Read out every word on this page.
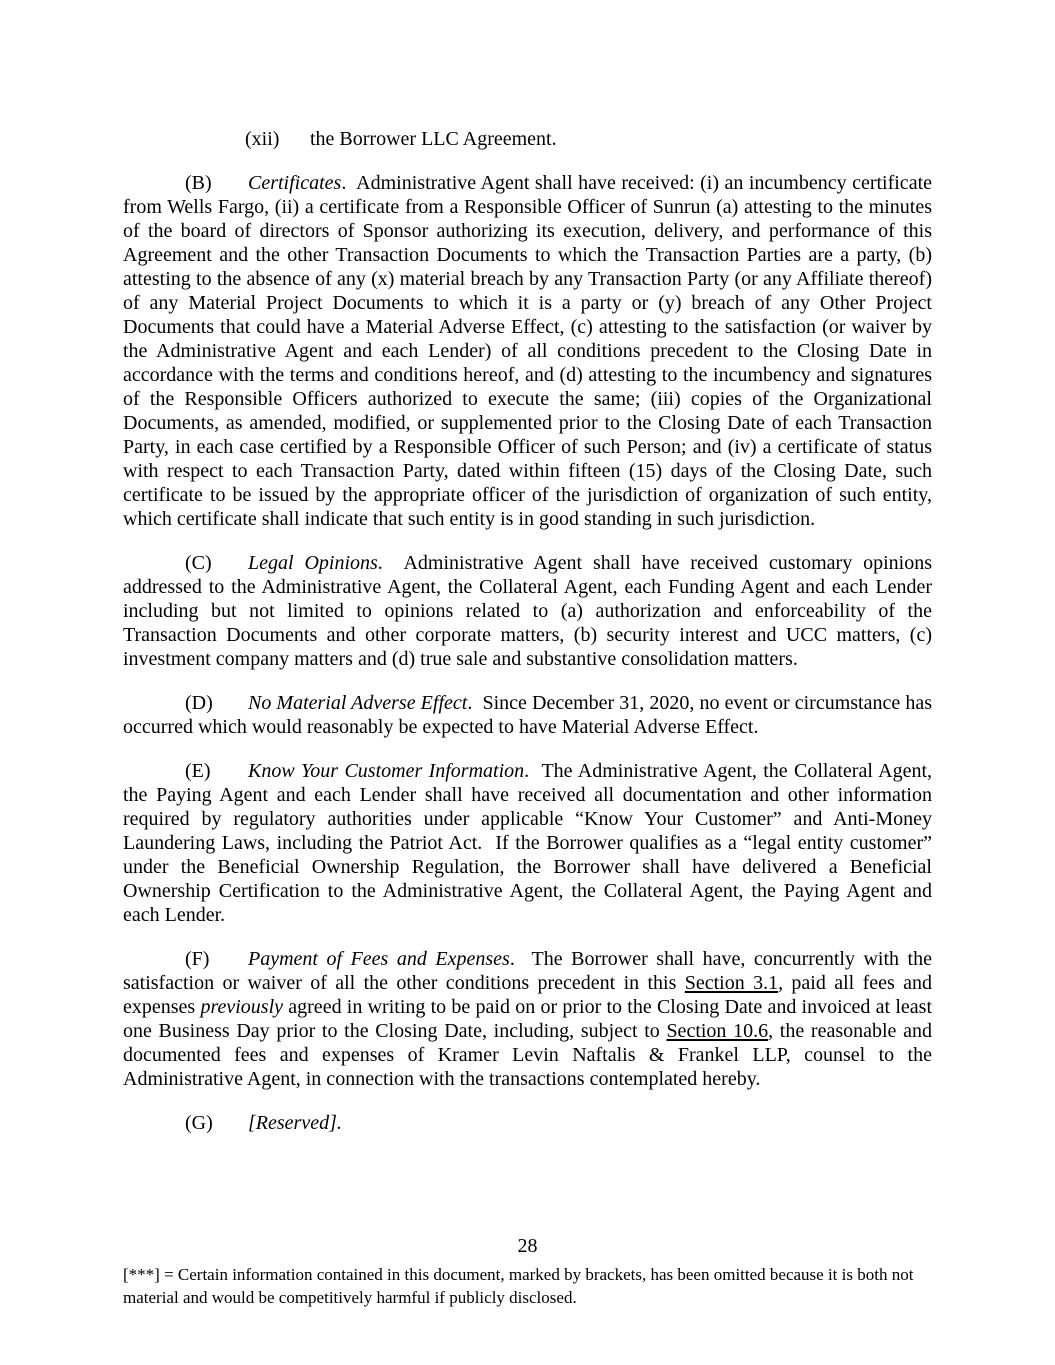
(xii) the Borrower LLC Agreement.

(B) Certificates.  Administrative Agent shall have received: (i) an incumbency certificate from Wells Fargo, (ii) a certificate from a Responsible Officer of Sunrun (a) attesting to the minutes of the board of directors of Sponsor authorizing its execution, delivery, and performance of this Agreement and the other Transaction Documents to which the Transaction Parties are a party, (b) attesting to the absence of any (x) material breach by any Transaction Party (or any Affiliate thereof) of any Material Project Documents to which it is a party or (y) breach of any Other Project Documents that could have a Material Adverse Effect, (c) attesting to the satisfaction (or waiver by the Administrative Agent and each Lender) of all conditions precedent to the Closing Date in accordance with the terms and conditions hereof, and (d) attesting to the incumbency and signatures of the Responsible Officers authorized to execute the same; (iii) copies of the Organizational Documents, as amended, modified, or supplemented prior to the Closing Date of each Transaction Party, in each case certified by a Responsible Officer of such Person; and (iv) a certificate of status with respect to each Transaction Party, dated within fifteen (15) days of the Closing Date, such certificate to be issued by the appropriate officer of the jurisdiction of organization of such entity, which certificate shall indicate that such entity is in good standing in such jurisdiction.

(C) Legal Opinions.  Administrative Agent shall have received customary opinions addressed to the Administrative Agent, the Collateral Agent, each Funding Agent and each Lender including but not limited to opinions related to (a) authorization and enforceability of the Transaction Documents and other corporate matters, (b) security interest and UCC matters, (c) investment company matters and (d) true sale and substantive consolidation matters.

(D) No Material Adverse Effect.  Since December 31, 2020, no event or circumstance has occurred which would reasonably be expected to have Material Adverse Effect.

(E) Know Your Customer Information.  The Administrative Agent, the Collateral Agent, the Paying Agent and each Lender shall have received all documentation and other information required by regulatory authorities under applicable “Know Your Customer” and Anti-Money Laundering Laws, including the Patriot Act.  If the Borrower qualifies as a “legal entity customer” under the Beneficial Ownership Regulation, the Borrower shall have delivered a Beneficial Ownership Certification to the Administrative Agent, the Collateral Agent, the Paying Agent and each Lender.

(F) Payment of Fees and Expenses.  The Borrower shall have, concurrently with the satisfaction or waiver of all the other conditions precedent in this Section 3.1, paid all fees and expenses previously agreed in writing to be paid on or prior to the Closing Date and invoiced at least one Business Day prior to the Closing Date, including, subject to Section 10.6, the reasonable and documented fees and expenses of Kramer Levin Naftalis & Frankel LLP, counsel to the Administrative Agent, in connection with the transactions contemplated hereby.

(G) [Reserved].

28
[***] = Certain information contained in this document, marked by brackets, has been omitted because it is both not material and would be competitively harmful if publicly disclosed.
